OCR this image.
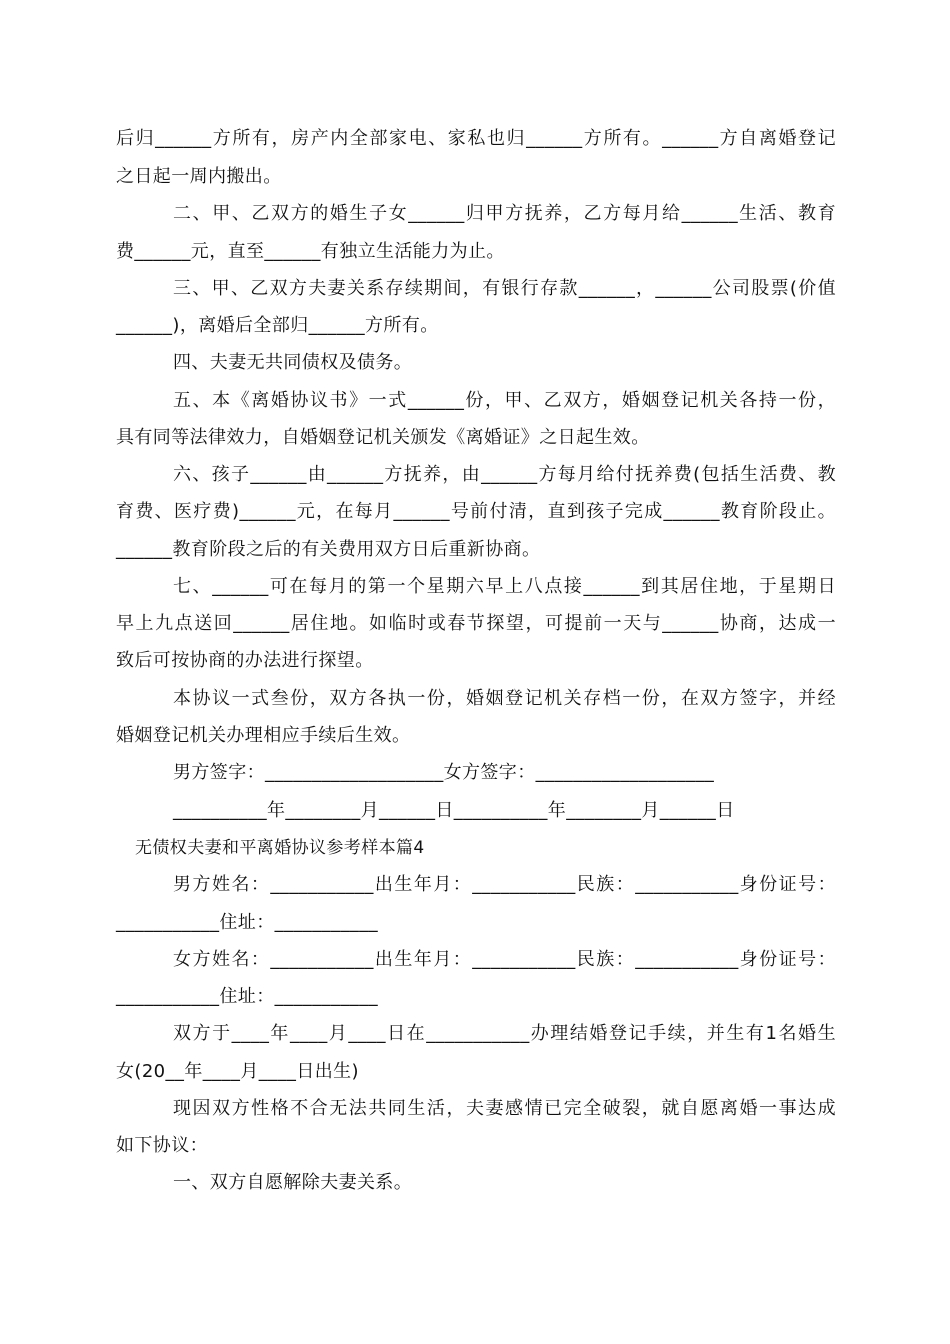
后归______方所有，房产内全部家电、家私也归______方所有。______方自离婚登记
之日起一周内搬出。
二、甲、乙双方的婚生子女______归甲方抚养，乙方每月给______生活、教育
费______元，直至______有独立生活能力为止。
三、甲、乙双方夫妻关系存续期间，有银行存款______，______公司股票(价值
______)，离婚后全部归______方所有。
四、夫妻无共同债权及债务。
五、本《离婚协议书》一式______份，甲、乙双方，婚姻登记机关各持一份，
具有同等法律效力，自婚姻登记机关颁发《离婚证》之日起生效。
六、孩子______由______方抚养，由______方每月给付抚养费(包括生活费、教
育费、医疗费)______元，在每月______号前付清，直到孩子完成______教育阶段止。
______教育阶段之后的有关费用双方日后重新协商。
七、______可在每月的第一个星期六早上八点接______到其居住地，于星期日
早上九点送回______居住地。如临时或春节探望，可提前一天与______协商，达成一
致后可按协商的办法进行探望。
本协议一式叁份，双方各执一份，婚姻登记机关存档一份，在双方签字，并经
婚姻登记机关办理相应手续后生效。
男方签字：___________________女方签字：___________________
__________年________月______日__________年________月______日
无债权夫妻和平离婚协议参考样本篇4
男方姓名：___________出生年月：___________民族：___________身份证号：
___________住址：___________
女方姓名：___________出生年月：___________民族：___________身份证号：
___________住址：___________
双方于____年____月____日在___________办理结婚登记手续，并生有1名婚生
女(20__年____月____日出生)
现因双方性格不合无法共同生活，夫妻感情已完全破裂，就自愿离婚一事达成
如下协议：
一、双方自愿解除夫妻关系。
